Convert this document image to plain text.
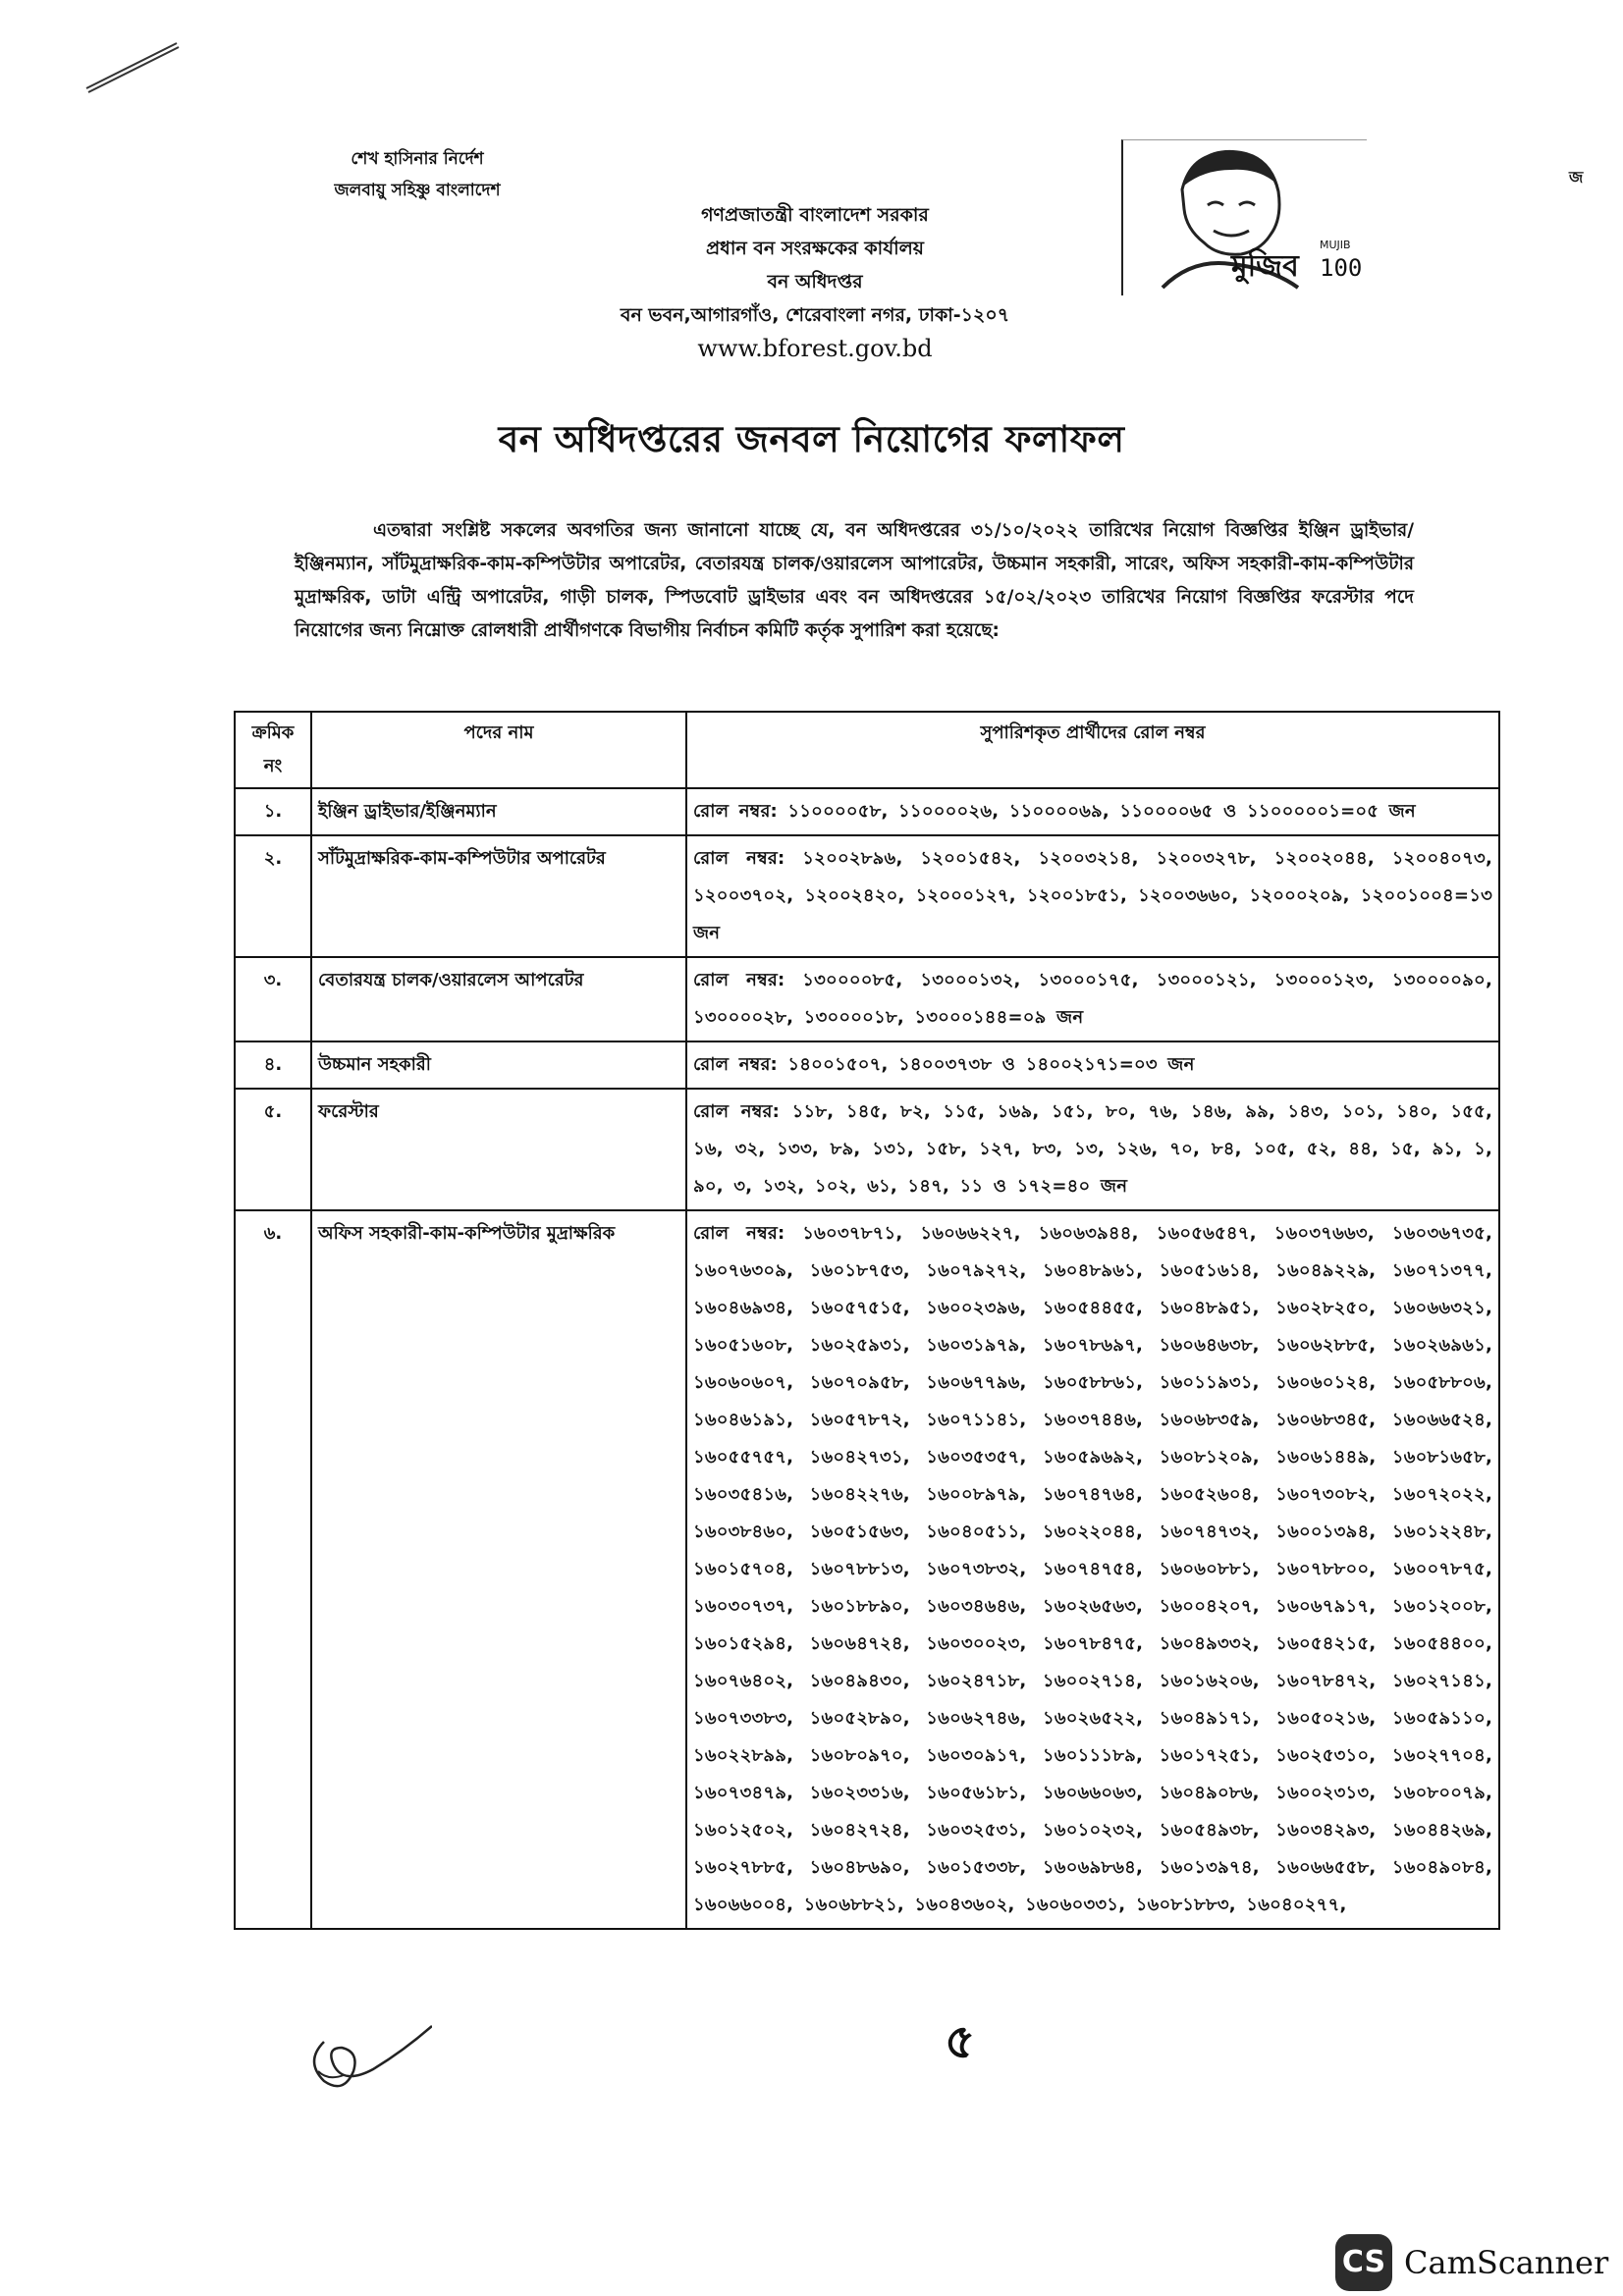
শেখ হাসিনার নির্দেশ
জলবায়ু সহিষ্ণু বাংলাদেশ
গণপ্রজাতন্ত্রী বাংলাদেশ সরকার
প্রধান বন সংরক্ষকের কার্যালয়
বন অধিদপ্তর
বন ভবন,আগারগাঁও, শেরেবাংলা নগর, ঢাকা-১২০৭
www.bforest.gov.bd
মুজিব
MUJIB
100
জ
বন অধিদপ্তরের জনবল নিয়োগের ফলাফল
এতদ্বারা সংশ্লিষ্ট সকলের অবগতির জন্য জানানো যাচ্ছে যে, বন অধিদপ্তরের ৩১/১০/২০২২ তারিখের নিয়োগ বিজ্ঞপ্তির ইঞ্জিন ড্রাইভার/ইঞ্জিনম্যান, সাঁটমুদ্রাক্ষরিক-কাম-কম্পিউটার অপারেটর, বেতারযন্ত্র চালক/ওয়ারলেস আপারেটর, উচ্চমান সহকারী, সারেং, অফিস সহকারী-কাম-কম্পিউটার মুদ্রাক্ষরিক, ডাটা এন্ট্রি অপারেটর, গাড়ী চালক, স্পিডবোট ড্রাইভার এবং বন অধিদপ্তরের ১৫/০২/২০২৩ তারিখের নিয়োগ বিজ্ঞপ্তির ফরেস্টার পদে নিয়োগের জন্য নিম্নোক্ত রোলধারী প্রার্থীগণকে বিভাগীয় নির্বাচন কমিটি কর্তৃক সুপারিশ করা হয়েছে:
ক্রমিক নং	পদের নাম	সুপারিশকৃত প্রার্থীদের রোল নম্বর
১.	ইঞ্জিন ড্রাইভার/ইঞ্জিনম্যান	রোল নম্বর: ১১০০০০৫৮, ১১০০০০২৬, ১১০০০০৬৯, ১১০০০০৬৫ ও ১১০০০০০১=০৫ জন
২.	সাঁটমুদ্রাক্ষরিক-কাম-কম্পিউটার অপারেটর	রোল নম্বর: ১২০০২৮৯৬, ১২০০১৫৪২, ১২০০৩২১৪, ১২০০৩২৭৮, ১২০০২০৪৪, ১২০০৪০৭৩, ১২০০৩৭০২, ১২০০২৪২০, ১২০০০১২৭, ১২০০১৮৫১, ১২০০৩৬৬০, ১২০০০২০৯, ১২০০১০০৪=১৩ জন
৩.	বেতারযন্ত্র চালক/ওয়ারলেস আপরেটর	রোল নম্বর: ১৩০০০০৮৫, ১৩০০০১৩২, ১৩০০০১৭৫, ১৩০০০১২১, ১৩০০০১২৩, ১৩০০০০৯০, ১৩০০০০২৮, ১৩০০০০১৮, ১৩০০০১৪৪=০৯ জন
৪.	উচ্চমান সহকারী	রোল নম্বর: ১৪০০১৫০৭, ১৪০০৩৭৩৮ ও ১৪০০২১৭১=০৩ জন
৫.	ফরেস্টার	রোল নম্বর: ১১৮, ১৪৫, ৮২, ১১৫, ১৬৯, ১৫১, ৮০, ৭৬, ১৪৬, ৯৯, ১৪৩, ১০১, ১৪০, ১৫৫, ১৬, ৩২, ১৩৩, ৮৯, ১৩১, ১৫৮, ১২৭, ৮৩, ১৩, ১২৬, ৭০, ৮৪, ১০৫, ৫২, ৪৪, ১৫, ৯১, ১, ৯০, ৩, ১৩২, ১০২, ৬১, ১৪৭, ১১ ও ১৭২=৪০ জন
৬.	অফিস সহকারী-কাম-কম্পিউটার মুদ্রাক্ষরিক	রোল নম্বর: ১৬০৩৭৮৭১, ১৬০৬৬২২৭, ১৬০৬৩৯৪৪, ১৬০৫৬৫৪৭, ১৬০৩৭৬৬৩, ১৬০৩৬৭৩৫, ১৬০৭৬৩০৯, ১৬০১৮৭৫৩, ১৬০৭৯২৭২, ১৬০৪৮৯৬১, ১৬০৫১৬১৪, ১৬০৪৯২২৯, ১৬০৭১৩৭৭, ১৬০৪৬৯৩৪, ১৬০৫৭৫১৫, ১৬০০২৩৯৬, ১৬০৫৪৪৫৫, ১৬০৪৮৯৫১, ১৬০২৮২৫০, ১৬০৬৬৩২১, ১৬০৫১৬০৮, ১৬০২৫৯৩১, ১৬০৩১৯৭৯, ১৬০৭৮৬৯৭, ১৬০৬৪৬৩৮, ১৬০৬২৮৮৫, ১৬০২৬৯৬১, ১৬০৬০৬০৭, ১৬০৭০৯৫৮, ১৬০৬৭৭৯৬, ১৬০৫৮৮৬১, ১৬০১১৯৩১, ১৬০৬০১২৪, ১৬০৫৮৮০৬, ১৬০৪৬১৯১, ১৬০৫৭৮৭২, ১৬০৭১১৪১, ১৬০৩৭৪৪৬, ১৬০৬৮৩৫৯, ১৬০৬৮৩৪৫, ১৬০৬৬৫২৪, ১৬০৫৫৭৫৭, ১৬০৪২৭৩১, ১৬০৩৫৩৫৭, ১৬০৫৯৬৯২, ১৬০৮১২০৯, ১৬০৬১৪৪৯, ১৬০৮১৬৫৮, ১৬০৩৫৪১৬, ১৬০৪২২৭৬, ১৬০০৮৯৭৯, ১৬০৭৪৭৬৪, ১৬০৫২৬০৪, ১৬০৭৩০৮২, ১৬০৭২০২২, ১৬০৩৮৪৬০, ১৬০৫১৫৬৩, ১৬০৪০৫১১, ১৬০২২০৪৪, ১৬০৭৪৭৩২, ১৬০০১৩৯৪, ১৬০১২২৪৮, ১৬০১৫৭০৪, ১৬০৭৮৮১৩, ১৬০৭৩৮৩২, ১৬০৭৪৭৫৪, ১৬০৬০৮৮১, ১৬০৭৮৮০০, ১৬০০৭৮৭৫, ১৬০৩০৭৩৭, ১৬০১৮৮৯০, ১৬০৩৪৬৪৬, ১৬০২৬৫৬৩, ১৬০০৪২০৭, ১৬০৬৭৯১৭, ১৬০১২০০৮, ১৬০১৫২৯৪, ১৬০৬৪৭২৪, ১৬০৩০০২৩, ১৬০৭৮৪৭৫, ১৬০৪৯৩৩২, ১৬০৫৪২১৫, ১৬০৫৪৪০০, ১৬০৭৬৪০২, ১৬০৪৯৪৩০, ১৬০২৪৭১৮, ১৬০০২৭১৪, ১৬০১৬২০৬, ১৬০৭৮৪৭২, ১৬০২৭১৪১, ১৬০৭৩৩৮৩, ১৬০৫২৮৯০, ১৬০৬২৭৪৬, ১৬০২৬৫২২, ১৬০৪৯১৭১, ১৬০৫০২১৬, ১৬০৫৯১১০, ১৬০২২৮৯৯, ১৬০৮০৯৭০, ১৬০৩০৯১৭, ১৬০১১১৮৯, ১৬০১৭২৫১, ১৬০২৫৩১০, ১৬০২৭৭০৪, ১৬০৭৩৪৭৯, ১৬০২৩৩১৬, ১৬০৫৬১৮১, ১৬০৬৬০৬৩, ১৬০৪৯০৮৬, ১৬০০২৩১৩, ১৬০৮০০৭৯, ১৬০১২৫০২, ১৬০৪২৭২৪, ১৬০৩২৫৩১, ১৬০১০২৩২, ১৬০৫৪৯৩৮, ১৬০৩৪২৯৩, ১৬০৪৪২৬৯, ১৬০২৭৮৮৫, ১৬০৪৮৬৯০, ১৬০১৫৩৩৮, ১৬০৬৯৮৬৪, ১৬০১৩৯৭৪, ১৬০৬৬৫৫৮, ১৬০৪৯০৮৪, ১৬০৬৬০০৪, ১৬০৬৮৮২১, ১৬০৪৩৬০২, ১৬০৬০৩৩১, ১৬০৮১৮৮৩, ১৬০৪০২৭৭,
৫
CS CamScanner
